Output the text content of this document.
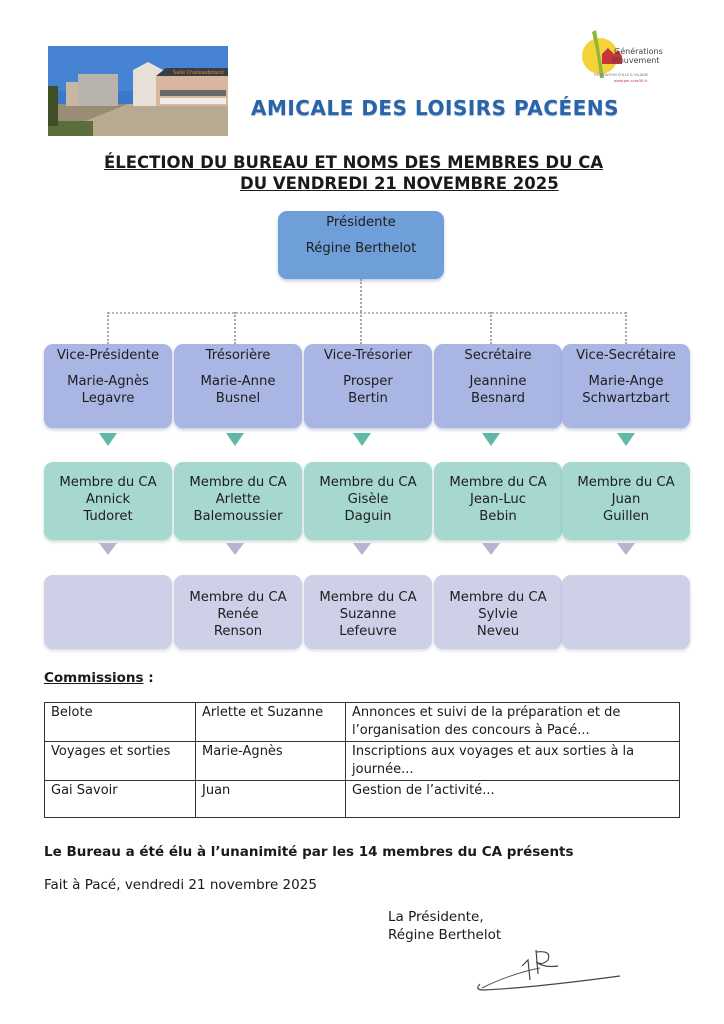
Salle Chateaubriand
Générations
Mouvement
FÉDÉRATION D'ILLE & VILAINE
www.gm-ccas35.fr
AMICALE DES LOISIRS PACÉENS
ÉLECTION DU BUREAU ET NOMS DES MEMBRES DU CA
DU VENDREDI 21 NOVEMBRE 2025
Présidente
Régine Berthelot
Vice-Présidente
Marie-Agnès
Legavre
Trésorière
Marie-Anne
Busnel
Vice-Trésorier
Prosper
Bertin
Secrétaire
Jeannine
Besnard
Vice-Secrétaire
Marie-Ange
Schwartzbart
Membre du CA
Annick
Tudoret
Membre du CA
Arlette
Balemoussier
Membre du CA
Gisèle
Daguin
Membre du CA
Jean-Luc
Bebin
Membre du CA
Juan
Guillen
Membre du CA
Renée
Renson
Membre du CA
Suzanne
Lefeuvre
Membre du CA
Sylvie
Neveu
Commissions :
Belote	Arlette et Suzanne	Annonces et suivi de la préparation et de l’organisation des concours à Pacé...
Voyages et sorties	Marie-Agnès	Inscriptions aux voyages et aux sorties à la journée...
Gai Savoir	Juan	Gestion de l’activité...
Le Bureau a été élu à l’unanimité par les 14 membres du CA présents
Fait à Pacé, vendredi 21 novembre 2025
La Présidente,
Régine Berthelot
